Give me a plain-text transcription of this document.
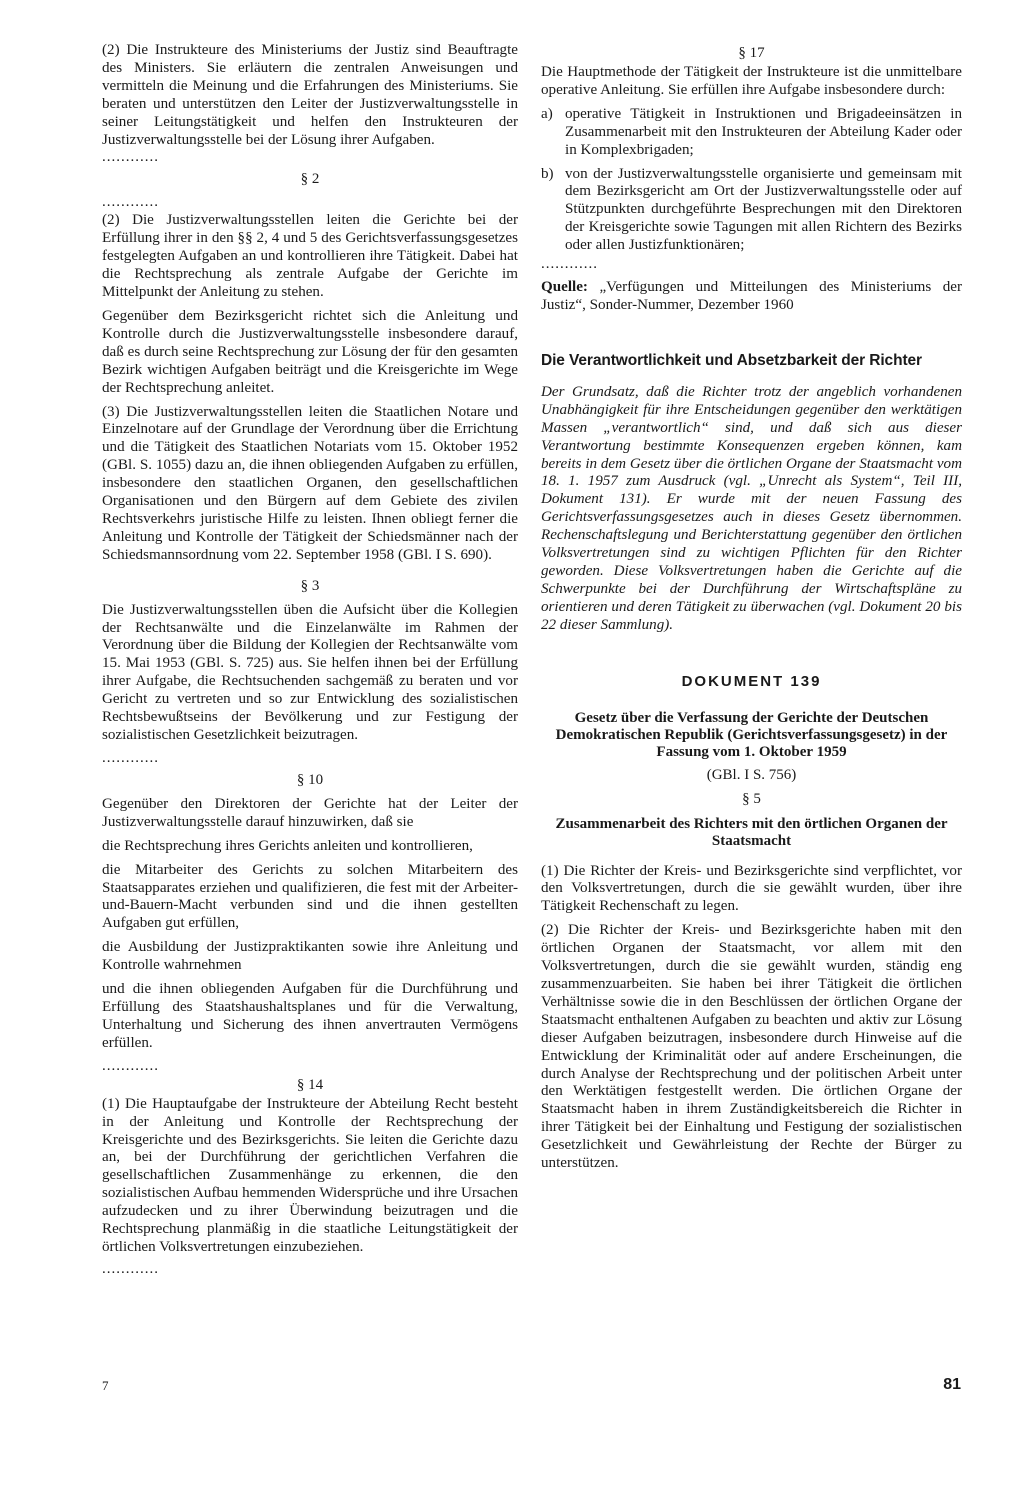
(2) Die Instrukteure des Ministeriums der Justiz sind Beauftragte des Ministers. Sie erläutern die zentralen Anweisungen und vermitteln die Meinung und die Erfahrungen des Ministeriums. Sie beraten und unterstützen den Leiter der Justizverwaltungsstelle in seiner Leitungstätigkeit und helfen den Instrukteuren der Justizverwaltungsstelle bei der Lösung ihrer Aufgaben.

............
§ 2
............

(2) Die Justizverwaltungsstellen leiten die Gerichte bei der Erfüllung ihrer in den §§ 2, 4 und 5 des Gerichtsverfassungsgesetzes festgelegten Aufgaben an und kontrollieren ihre Tätigkeit. Dabei hat die Rechtsprechung als zentrale Aufgabe der Gerichte im Mittelpunkt der Anleitung zu stehen.

Gegenüber dem Bezirksgericht richtet sich die Anleitung und Kontrolle durch die Justizverwaltungsstelle insbesondere darauf, daß es durch seine Rechtsprechung zur Lösung der für den gesamten Bezirk wichtigen Aufgaben beiträgt und die Kreisgerichte im Wege der Rechtsprechung anleitet.

(3) Die Justizverwaltungsstellen leiten die Staatlichen Notare und Einzelnotare auf der Grundlage der Verordnung über die Errichtung und die Tätigkeit des Staatlichen Notariats vom 15. Oktober 1952 (GBl. S. 1055) dazu an, die ihnen obliegenden Aufgaben zu erfüllen, insbesondere den staatlichen Organen, den gesellschaftlichen Organisationen und den Bürgern auf dem Gebiete des zivilen Rechtsverkehrs juristische Hilfe zu leisten. Ihnen obliegt ferner die Anleitung und Kontrolle der Tätigkeit der Schiedsmänner nach der Schiedsmannsordnung vom 22. September 1958 (GBl. I S. 690).

§ 3

Die Justizverwaltungsstellen üben die Aufsicht über die Kollegien der Rechtsanwälte und die Einzelanwälte im Rahmen der Verordnung über die Bildung der Kollegien der Rechtsanwälte vom 15. Mai 1953 (GBl. S. 725) aus. Sie helfen ihnen bei der Erfüllung ihrer Aufgabe, die Rechtsuchenden sachgemäß zu beraten und vor Gericht zu vertreten und so zur Entwicklung des sozialistischen Rechtsbewußtseins der Bevölkerung und zur Festigung der sozialistischen Gesetzlichkeit beizutragen.

............
§ 10

Gegenüber den Direktoren der Gerichte hat der Leiter der Justizverwaltungsstelle darauf hinzuwirken, daß sie

die Rechtsprechung ihres Gerichts anleiten und kontrollieren,

die Mitarbeiter des Gerichts zu solchen Mitarbeitern des Staatsapparates erziehen und qualifizieren, die fest mit der Arbeiter-und-Bauern-Macht verbunden sind und die ihnen gestellten Aufgaben gut erfüllen,

die Ausbildung der Justizpraktikanten sowie ihre Anleitung und Kontrolle wahrnehmen

und die ihnen obliegenden Aufgaben für die Durchführung und Erfüllung des Staatshaushaltsplanes und für die Verwaltung, Unterhaltung und Sicherung des ihnen anvertrauten Vermögens erfüllen.

............
§ 14

(1) Die Hauptaufgabe der Instrukteure der Abteilung Recht besteht in der Anleitung und Kontrolle der Rechtsprechung der Kreisgerichte und des Bezirksgerichts. Sie leiten die Gerichte dazu an, bei der Durchführung der gerichtlichen Verfahren die gesellschaftlichen Zusammenhänge zu erkennen, die den sozialistischen Aufbau hemmenden Widersprüche und ihre Ursachen aufzudecken und zu ihrer Überwindung beizutragen und die Rechtsprechung planmäßig in die staatliche Leitungstätigkeit der örtlichen Volksvertretungen einzubeziehen.

............
§ 17

Die Hauptmethode der Tätigkeit der Instrukteure ist die unmittelbare operative Anleitung. Sie erfüllen ihre Aufgabe insbesondere durch:

a) operative Tätigkeit in Instruktionen und Brigadeeinsätzen in Zusammenarbeit mit den Instrukteuren der Abteilung Kader oder in Komplexbrigaden;

b) von der Justizverwaltungsstelle organisierte und gemeinsam mit dem Bezirksgericht am Ort der Justizverwaltungsstelle oder auf Stützpunkten durchgeführte Besprechungen mit den Direktoren der Kreisgerichte sowie Tagungen mit allen Richtern des Bezirks oder allen Justizfunktionären;

............

Quelle: „Verfügungen und Mitteilungen des Ministeriums der Justiz“, Sonder-Nummer, Dezember 1960

Die Verantwortlichkeit und Absetzbarkeit der Richter

Der Grundsatz, daß die Richter trotz der angeblich vorhandenen Unabhängigkeit für ihre Entscheidungen gegenüber den werktätigen Massen „verantwortlich“ sind, und daß sich aus dieser Verantwortung bestimmte Konsequenzen ergeben können, kam bereits in dem Gesetz über die örtlichen Organe der Staatsmacht vom 18. 1. 1957 zum Ausdruck (vgl. „Unrecht als System“, Teil III, Dokument 131). Er wurde mit der neuen Fassung des Gerichtsverfassungsgesetzes auch in dieses Gesetz übernommen. Rechenschaftslegung und Berichterstattung gegenüber den örtlichen Volksvertretungen sind zu wichtigen Pflichten für den Richter geworden. Diese Volksvertretungen haben die Gerichte auf die Schwerpunkte bei der Durchführung der Wirtschaftspläne zu orientieren und deren Tätigkeit zu überwachen (vgl. Dokument 20 bis 22 dieser Sammlung).

DOKUMENT 139
Gesetz über die Verfassung der Gerichte der Deutschen Demokratischen Republik (Gerichtsverfassungsgesetz) in der Fassung vom 1. Oktober 1959
(GBl. I S. 756)
§ 5
Zusammenarbeit des Richters mit den örtlichen Organen der Staatsmacht

(1) Die Richter der Kreis- und Bezirksgerichte sind verpflichtet, vor den Volksvertretungen, durch die sie gewählt wurden, über ihre Tätigkeit Rechenschaft zu legen.

(2) Die Richter der Kreis- und Bezirksgerichte haben mit den örtlichen Organen der Staatsmacht, vor allem mit den Volksvertretungen, durch die sie gewählt wurden, ständig eng zusammenzuarbeiten. Sie haben bei ihrer Tätigkeit die örtlichen Verhältnisse sowie die in den Beschlüssen der örtlichen Organe der Staatsmacht enthaltenen Aufgaben zu beachten und aktiv zur Lösung dieser Aufgaben beizutragen, insbesondere durch Hinweise auf die Entwicklung der Kriminalität oder auf andere Erscheinungen, die durch Analyse der Rechtsprechung und der politischen Arbeit unter den Werktätigen festgestellt werden. Die örtlichen Organe der Staatsmacht haben in ihrem Zuständigkeitsbereich die Richter in ihrer Tätigkeit bei der Einhaltung und Festigung der sozialistischen Gesetzlichkeit und Gewährleistung der Rechte der Bürger zu unterstützen.

7	81
